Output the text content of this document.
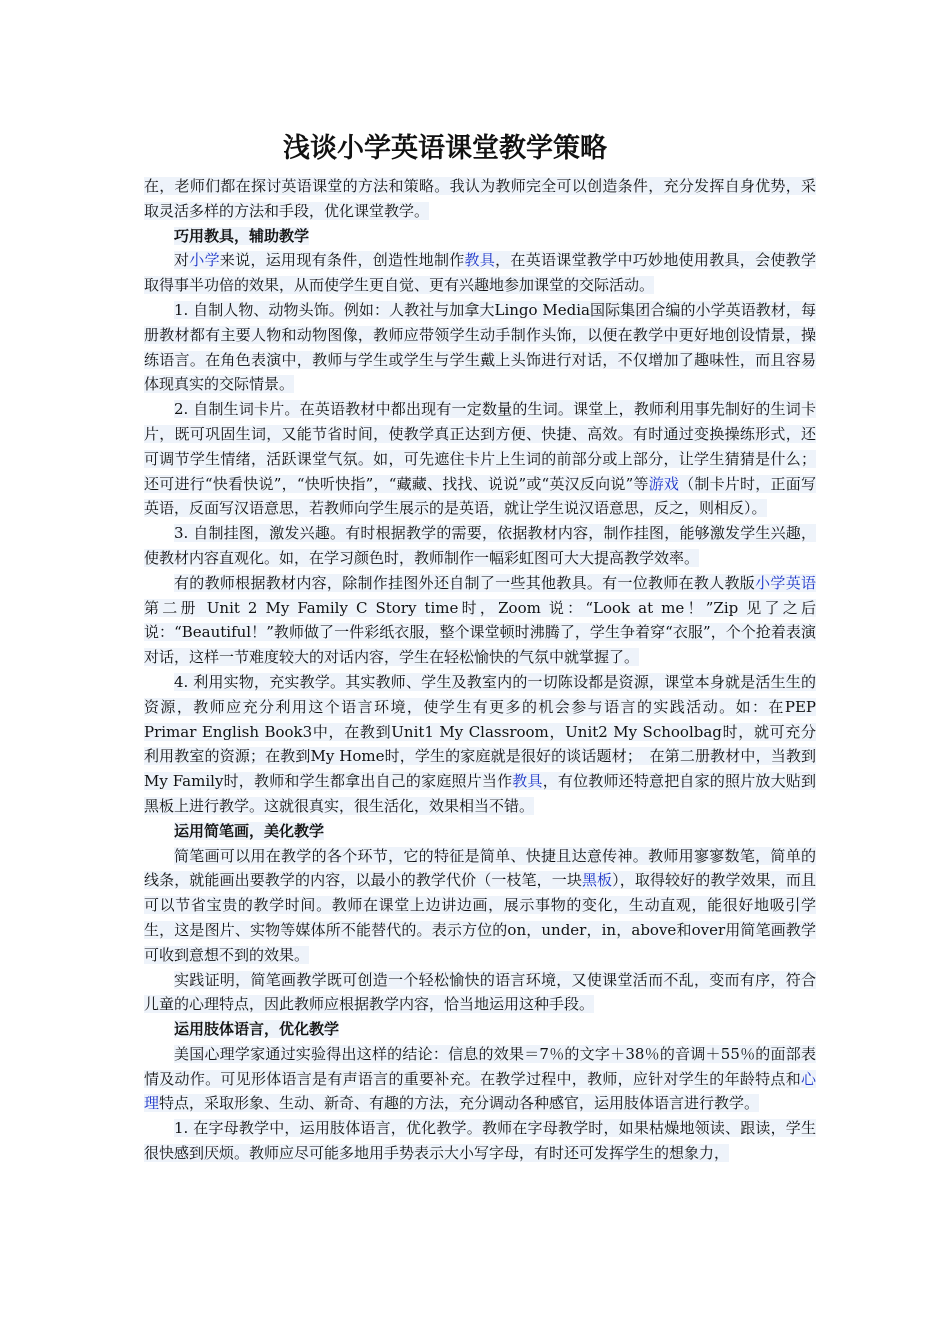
浅谈小学英语课堂教学策略

在，老师们都在探讨英语课堂的方法和策略。我认为教师完全可以创造条件，充分发挥自身优势，采取灵活多样的方法和手段，优化课堂教学。

巧用教具，辅助教学

对小学来说，运用现有条件，创造性地制作教具，在英语课堂教学中巧妙地使用教具，会使教学取得事半功倍的效果，从而使学生更自觉、更有兴趣地参加课堂的交际活动。

1. 自制人物、动物头饰。例如：人教社与加拿大Lingo Media国际集团合编的小学英语教材，每册教材都有主要人物和动物图像，教师应带领学生动手制作头饰，以便在教学中更好地创设情景，操练语言。在角色表演中，教师与学生或学生与学生戴上头饰进行对话，不仅增加了趣味性，而且容易体现真实的交际情景。

2. 自制生词卡片。在英语教材中都出现有一定数量的生词。课堂上，教师利用事先制好的生词卡片，既可巩固生词，又能节省时间，使教学真正达到方便、快捷、高效。有时通过变换操练形式，还可调节学生情绪，活跃课堂气氛。如，可先遮住卡片上生词的前部分或上部分，让学生猜猜是什么；还可进行“快看快说”，“快听快指”，“藏藏、找找、说说”或“英汉反向说”等游戏（制卡片时，正面写英语，反面写汉语意思，若教师向学生展示的是英语，就让学生说汉语意思，反之，则相反）。

3. 自制挂图，激发兴趣。有时根据教学的需要，依据教材内容，制作挂图，能够激发学生兴趣，使教材内容直观化。如，在学习颜色时，教师制作一幅彩虹图可大大提高教学效率。

有的教师根据教材内容，除制作挂图外还自制了一些其他教具。有一位教师在教人教版小学英语第二册 Unit 2 My Family C Story time时，Zoom 说：“Look at me！”Zip 见了之后说：“Beautiful！”教师做了一件彩纸衣服，整个课堂顿时沸腾了，学生争着穿“衣服”，个个抢着表演对话，这样一节难度较大的对话内容，学生在轻松愉快的气氛中就掌握了。

4. 利用实物，充实教学。其实教师、学生及教室内的一切陈设都是资源，课堂本身就是活生生的资源，教师应充分利用这个语言环境，使学生有更多的机会参与语言的实践活动。如：在PEP Primar English Book3中，在教到Unit1 My Classroom，Unit2 My Schoolbag时，就可充分利用教室的资源；在教到My Home时，学生的家庭就是很好的谈话题材；　在第二册教材中，当教到My Family时，教师和学生都拿出自己的家庭照片当作教具，有位教师还特意把自家的照片放大贴到黑板上进行教学。这就很真实，很生活化，效果相当不错。

运用简笔画，美化教学

简笔画可以用在教学的各个环节，它的特征是简单、快捷且达意传神。教师用寥寥数笔，简单的线条，就能画出要教学的内容，以最小的教学代价（一枝笔，一块黑板），取得较好的教学效果，而且可以节省宝贵的教学时间。教师在课堂上边讲边画，展示事物的变化，生动直观，能很好地吸引学生，这是图片、实物等媒体所不能替代的。表示方位的on，under，in，above和over用简笔画教学可收到意想不到的效果。

实践证明，简笔画教学既可创造一个轻松愉快的语言环境，又使课堂活而不乱，变而有序，符合儿童的心理特点，因此教师应根据教学内容，恰当地运用这种手段。

运用肢体语言，优化教学

美国心理学家通过实验得出这样的结论：信息的效果＝7％的文字＋38％的音调＋55％的面部表情及动作。可见形体语言是有声语言的重要补充。在教学过程中，教师，应针对学生的年龄特点和心理特点，采取形象、生动、新奇、有趣的方法，充分调动各种感官，运用肢体语言进行教学。

1. 在字母教学中，运用肢体语言，优化教学。教师在字母教学时，如果枯燥地领读、跟读，学生很快感到厌烦。教师应尽可能多地用手势表示大小写字母，有时还可发挥学生的想象力，
